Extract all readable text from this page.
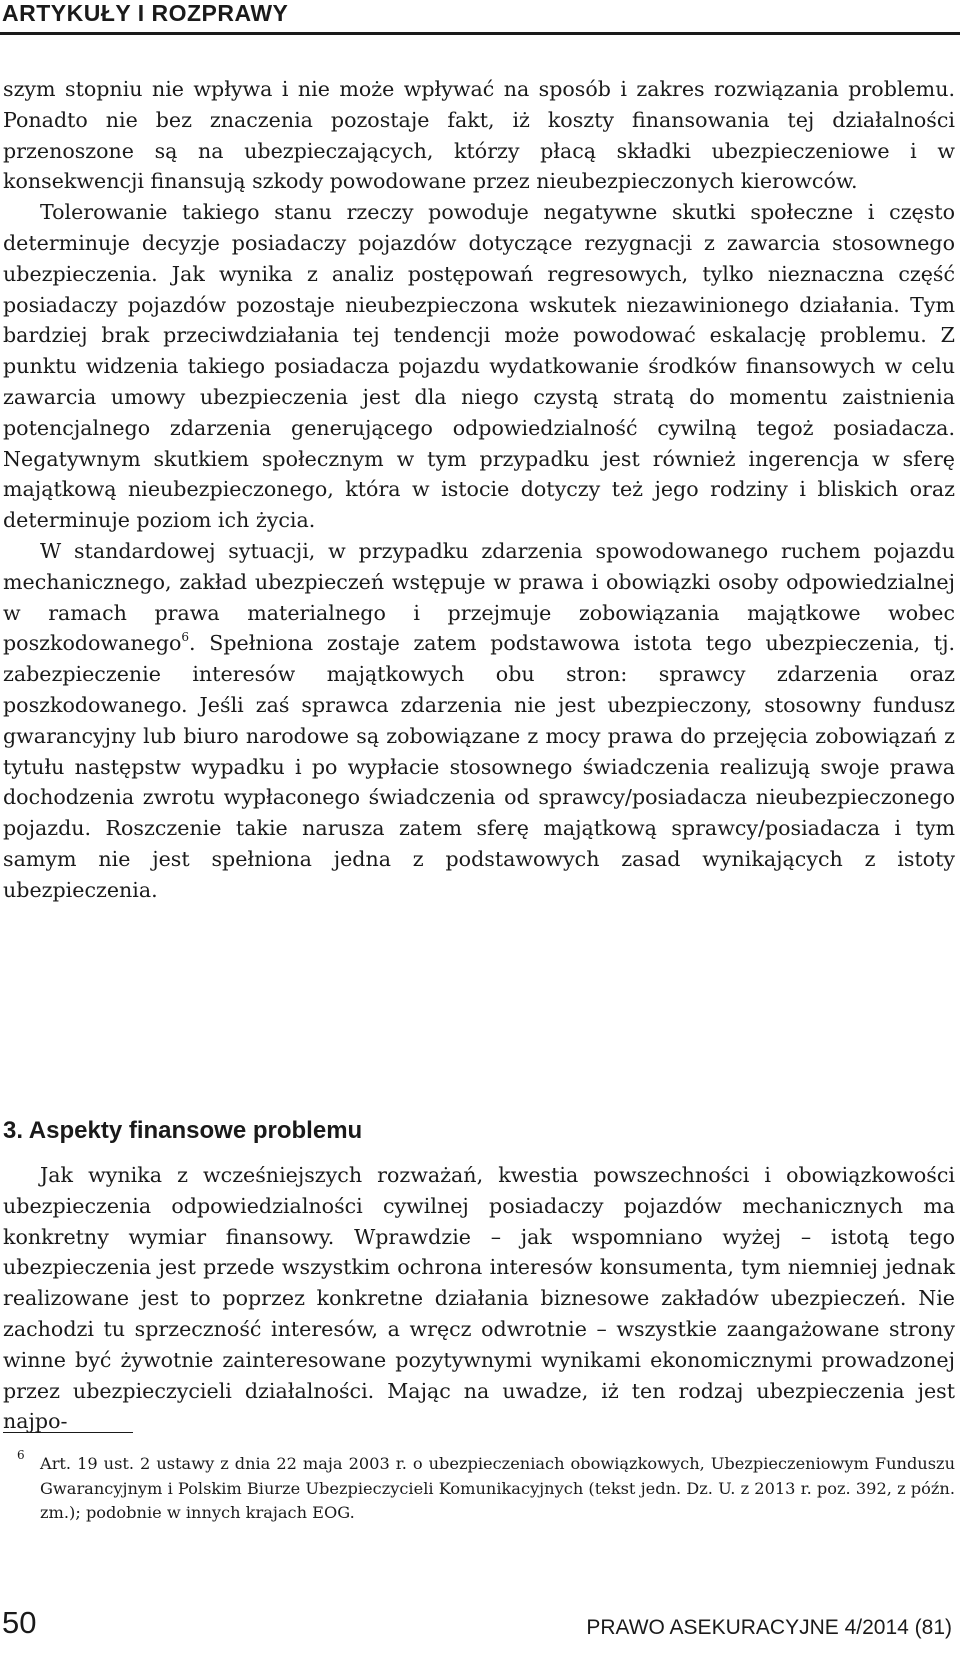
ARTYKUŁY I ROZPRAWY

szym stopniu nie wpływa i nie może wpływać na sposób i zakres rozwiązania problemu. Ponadto nie bez znaczenia pozostaje fakt, iż koszty finansowania tej działalności przenoszone są na ubezpieczających, którzy płacą składki ubezpieczeniowe i w konsekwencji finansują szkody powodowane przez nieubezpieczonych kierowców.

Tolerowanie takiego stanu rzeczy powoduje negatywne skutki społeczne i często determinuje decyzje posiadaczy pojazdów dotyczące rezygnacji z zawarcia stosownego ubezpieczenia. Jak wynika z analiz postępowań regresowych, tylko nieznaczna część posiadaczy pojazdów pozostaje nieubezpieczona wskutek niezawinionego działania. Tym bardziej brak przeciwdziałania tej tendencji może powodować eskalację problemu. Z punktu widzenia takiego posiadacza pojazdu wydatkowanie środków finansowych w celu zawarcia umowy ubezpieczenia jest dla niego czystą stratą do momentu zaistnienia potencjalnego zdarzenia generującego odpowiedzialność cywilną tegoż posiadacza. Negatywnym skutkiem społecznym w tym przypadku jest również ingerencja w sferę majątkową nieubezpieczonego, która w istocie dotyczy też jego rodziny i bliskich oraz determinuje poziom ich życia.

W standardowej sytuacji, w przypadku zdarzenia spowodowanego ruchem pojazdu mechanicznego, zakład ubezpieczeń wstępuje w prawa i obowiązki osoby odpowiedzialnej w ramach prawa materialnego i przejmuje zobowiązania majątkowe wobec poszkodowanego$^6$. Spełniona zostaje zatem podstawowa istota tego ubezpieczenia, tj. zabezpieczenie interesów majątkowych obu stron: sprawcy zdarzenia oraz poszkodowanego. Jeśli zaś sprawca zdarzenia nie jest ubezpieczony, stosowny fundusz gwarancyjny lub biuro narodowe są zobowiązane z mocy prawa do przejęcia zobowiązań z tytułu następstw wypadku i po wypłacie stosownego świadczenia realizują swoje prawa dochodzenia zwrotu wypłaconego świadczenia od sprawcy/posiadacza nieubezpieczonego pojazdu. Roszczenie takie narusza zatem sferę majątkową sprawcy/posiadacza i tym samym nie jest spełniona jedna z podstawowych zasad wynikających z istoty ubezpieczenia.

3. Aspekty finansowe problemu

Jak wynika z wcześniejszych rozważań, kwestia powszechności i obowiązkowości ubezpieczenia odpowiedzialności cywilnej posiadaczy pojazdów mechanicznych ma konkretny wymiar finansowy. Wprawdzie – jak wspomniano wyżej – istotą tego ubezpieczenia jest przede wszystkim ochrona interesów konsumenta, tym niemniej jednak realizowane jest to poprzez konkretne działania biznesowe zakładów ubezpieczeń. Nie zachodzi tu sprzeczność interesów, a wręcz odwrotnie – wszystkie zaangażowane strony winne być żywotnie zainteresowane pozytywnymi wynikami ekonomicznymi prowadzonej przez ubezpieczycieli działalności. Mając na uwadze, iż ten rodzaj ubezpieczenia jest najpo-

6 Art. 19 ust. 2 ustawy z dnia 22 maja 2003 r. o ubezpieczeniach obowiązkowych, Ubezpieczeniowym Funduszu Gwarancyjnym i Polskim Biurze Ubezpieczycieli Komunikacyjnych (tekst jedn. Dz. U. z 2013 r. poz. 392, z późn. zm.); podobnie w innych krajach EOG.
50	PRAWO ASEKURACYJNE 4/2014 (81)
